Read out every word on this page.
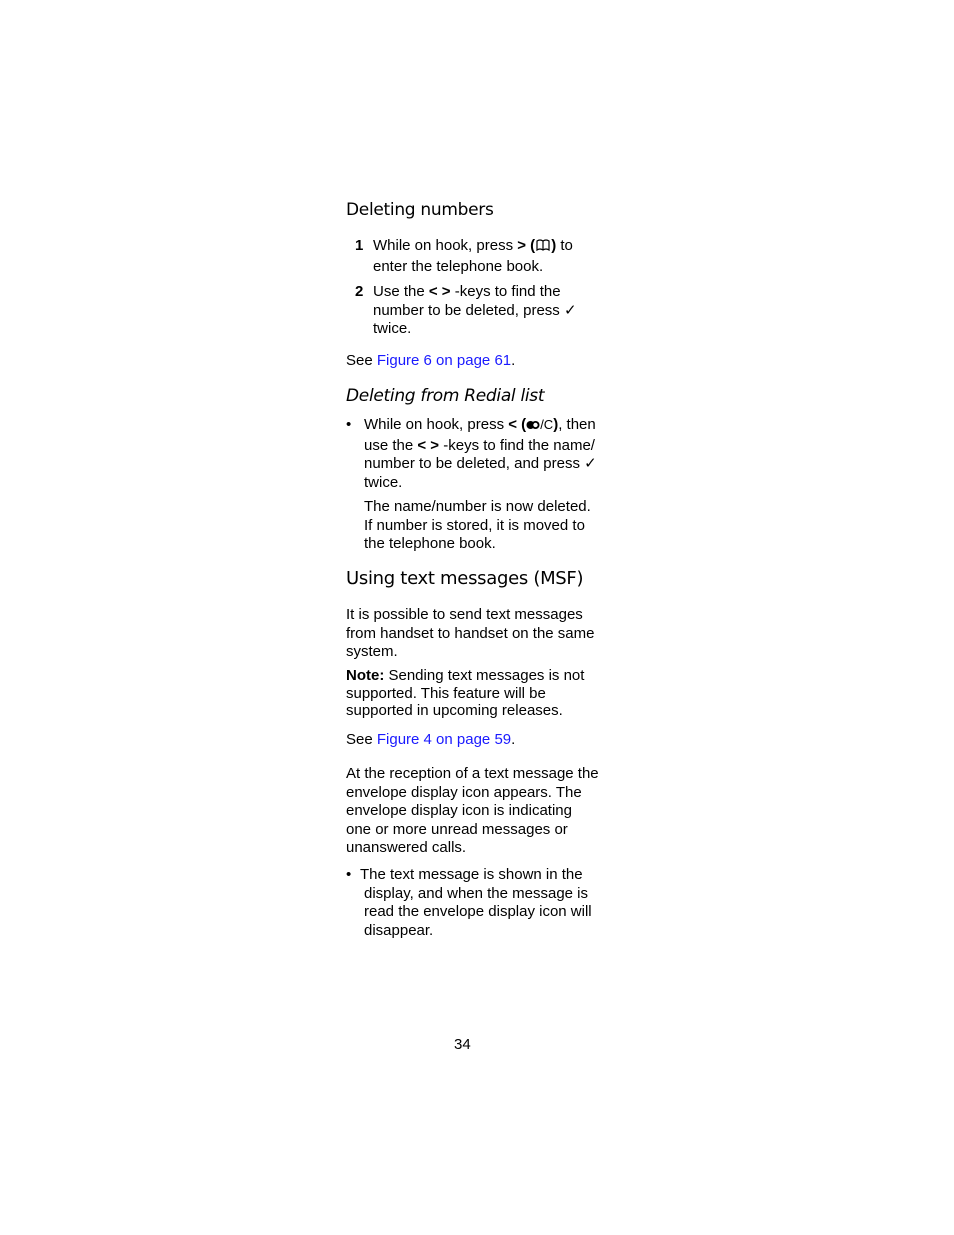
Deleting numbers
1 While on hook, press > ( ) to
enter the telephone book.
2 Use the < > -keys to find the
number to be deleted, press ✓
twice.
See Figure 6 on page 61.
Deleting from Redial list
• While on hook, press < ( /C), then
use the < > -keys to find the name/
number to be deleted, and press ✓
twice.
The name/number is now deleted.
If number is stored, it is moved to
the telephone book.
Using text messages (MSF)
It is possible to send text messages
from handset to handset on the same
system.
Note: Sending text messages is not
supported. This feature will be
supported in upcoming releases.
See Figure 4 on page 59.
At the reception of a text message the
envelope display icon appears. The
envelope display icon is indicating
one or more unread messages or
unanswered calls.
• The text message is shown in the
display, and when the message is
read the envelope display icon will
disappear.
34
